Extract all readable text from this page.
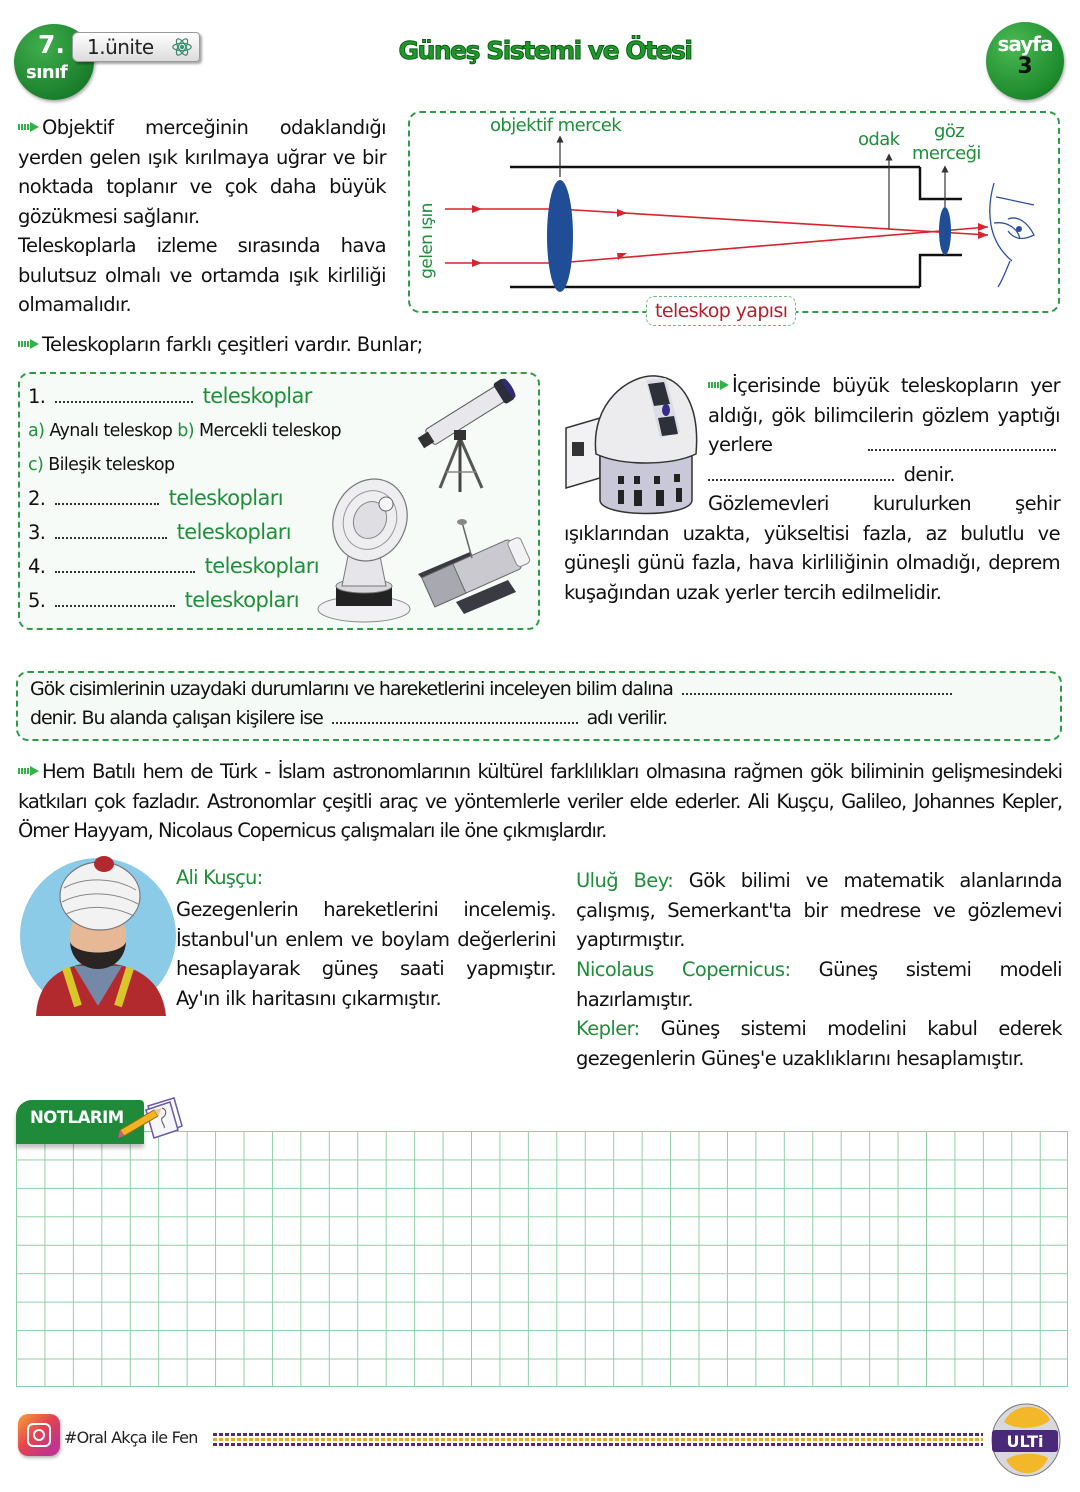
7.
sınıf
1.ünite	Güneş Sistemi ve Ötesi	sayfa
3
Objektif merceğinin odaklandığı yerden gelen ışık kırılmaya uğrar ve bir noktada toplanır ve çok daha büyük gözükmesi sağlanır.
Teleskoplarla izleme sırasında hava bulutsuz olmalı ve ortamda ışık kirliliği olmamalıdır.
objektif mercek
odak göz
merceği
gelen ışın
teleskop yapısı
Teleskopların farklı çeşitleri vardır. Bunlar;
1.	teleskoplar
a) Aynalı teleskop b) Mercekli teleskop
c) Bileşik teleskop
2.	teleskopları
3.	teleskopları
4.	teleskopları
5.	teleskopları
İçerisinde büyük teleskopların yer aldığı, gök bilimcilerin gözlem yaptığı yerlere   denir.
Gözlemevleri kurulurken şehir ışıklarından uzakta, yükseltisi fazla, az bulutlu ve güneşli günü fazla, hava kirliliğinin olmadığı, deprem kuşağından uzak yerler tercih edilmelidir.
Gök cisimlerinin uzaydaki durumlarını ve hareketlerini inceleyen bilim dalına
denir. Bu alanda çalışan kişilere ise	adı verilir.
Hem Batılı hem de Türk - İslam astronomlarının kültürel farklılıkları olmasına rağmen gök biliminin gelişmesindeki katkıları çok fazladır. Astronomlar çeşitli araç ve yöntemlerle veriler elde ederler. Ali Kuşçu, Galileo, Johannes Kepler, Ömer Hayyam, Nicolaus Copernicus çalışmaları ile öne çıkmışlardır.
Ali Kuşçu:
Gezegenlerin hareketlerini incelemiş. İstanbul'un enlem ve boylam değerlerini hesaplayarak güneş saati yapmıştır. Ay'ın ilk haritasını çıkarmıştır.
Uluğ Bey: Gök bilimi ve matematik alanlarında çalışmış, Semerkant'ta bir medrese ve gözlemevi yaptırmıştır.
Nicolaus Copernicus: Güneş sistemi modeli hazırlamıştır.
Kepler: Güneş sistemi modelini kabul ederek gezegenlerin Güneş'e uzaklıklarını hesaplamıştır.
NOTLARIM
#Oral Akça ile Fen	ULTi
